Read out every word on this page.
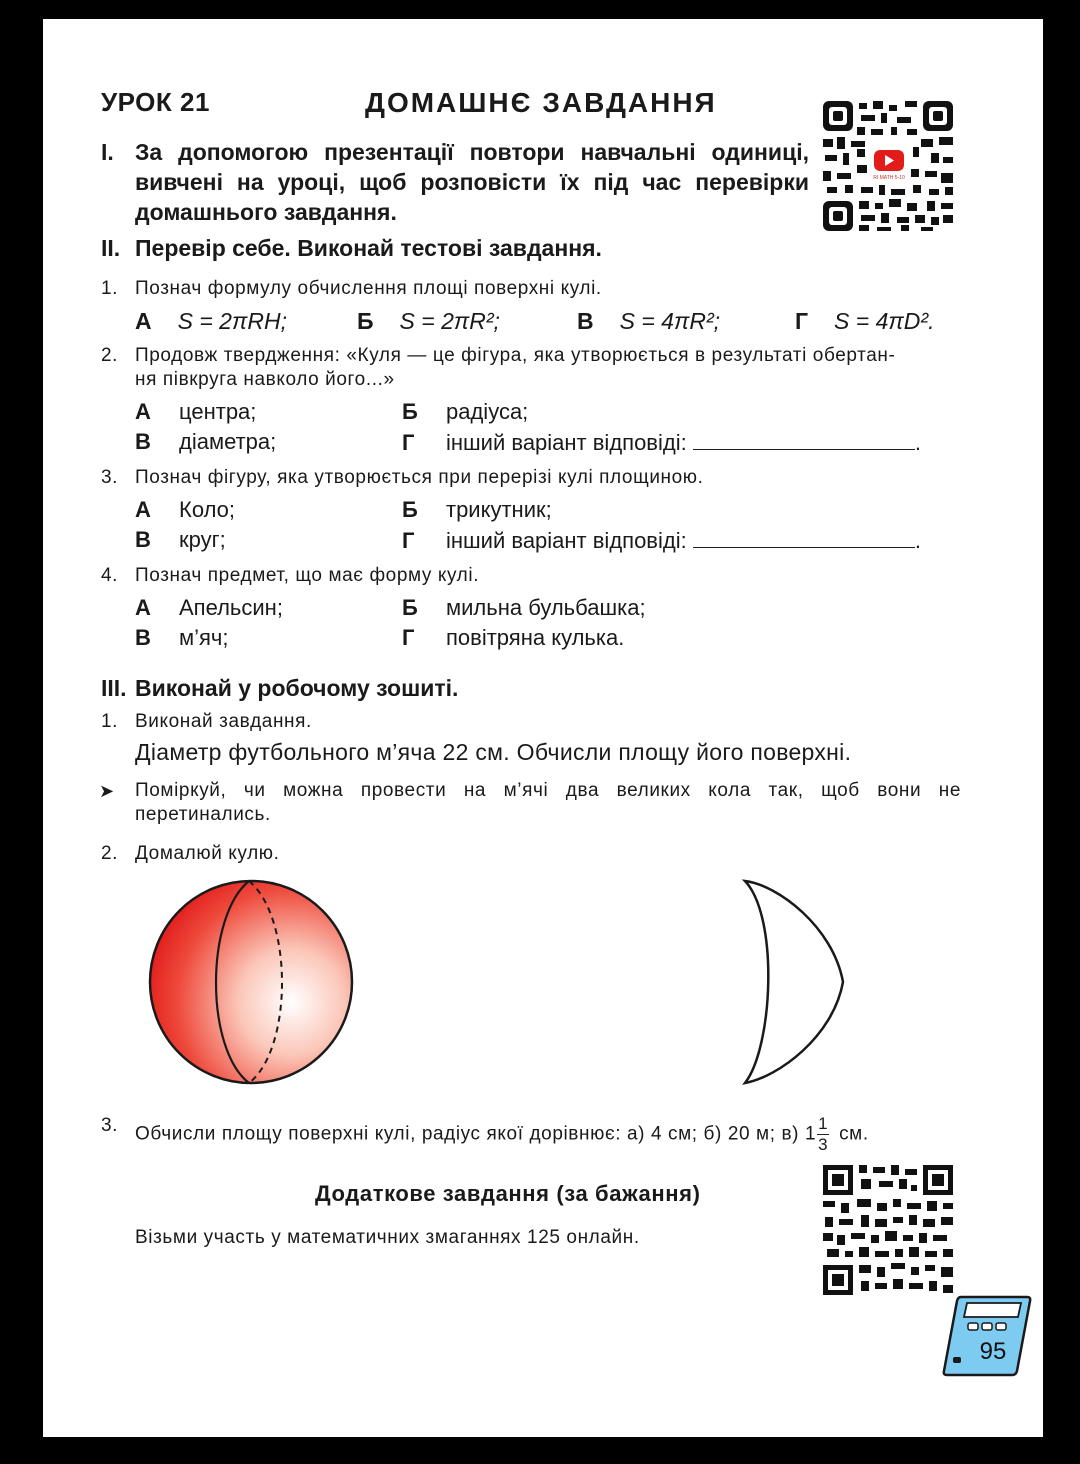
УРОК 21	ДОМАШНЄ ЗАВДАННЯ
RI MATH 5-10
I. За допомогою презентації повтори навчальні одиниці, вивчені на уроці, щоб розповісти їх під час перевірки домашнього завдання.
II. Перевір себе. Виконай тестові завдання.
1. Познач формулу обчислення площі поверхні кулі.
А S = 2πRH;	Б S = 2πR²;	В S = 4πR²;	Г S = 4πD².
2. Продовж твердження: «Куля — це фігура, яка утворюється в результаті обертан-
ня півкруга навколо його...»
А центра;	Б радіуса;
В діаметра;	Г інший варіант відповіді:	.
3. Познач фігуру, яка утворюється при перерізі кулі площиною.
А Коло;	Б трикутник;
В круг;	Г інший варіант відповіді:	.
4. Познач предмет, що має форму кулі.
А Апельсин;	Б мильна бульбашка;
В м’яч;	Г повітряна кулька.
III. Виконай у робочому зошиті.
1. Виконай завдання.
Діаметр футбольного м’яча 22 см. Обчисли площу його поверхні.
➤ Поміркуй, чи можна провести на м’ячі два великих кола так, щоб вони не
перетинались.
2. Домалюй кулю.
3. Обчисли площу поверхні кулі, радіус якої дорівнює: а) 4 см; б) 20 м; в) $1 \frac{1}{3}$ см.
Додаткове завдання (за бажання)
Візьми участь у математичних змаганнях 125 онлайн.
95
